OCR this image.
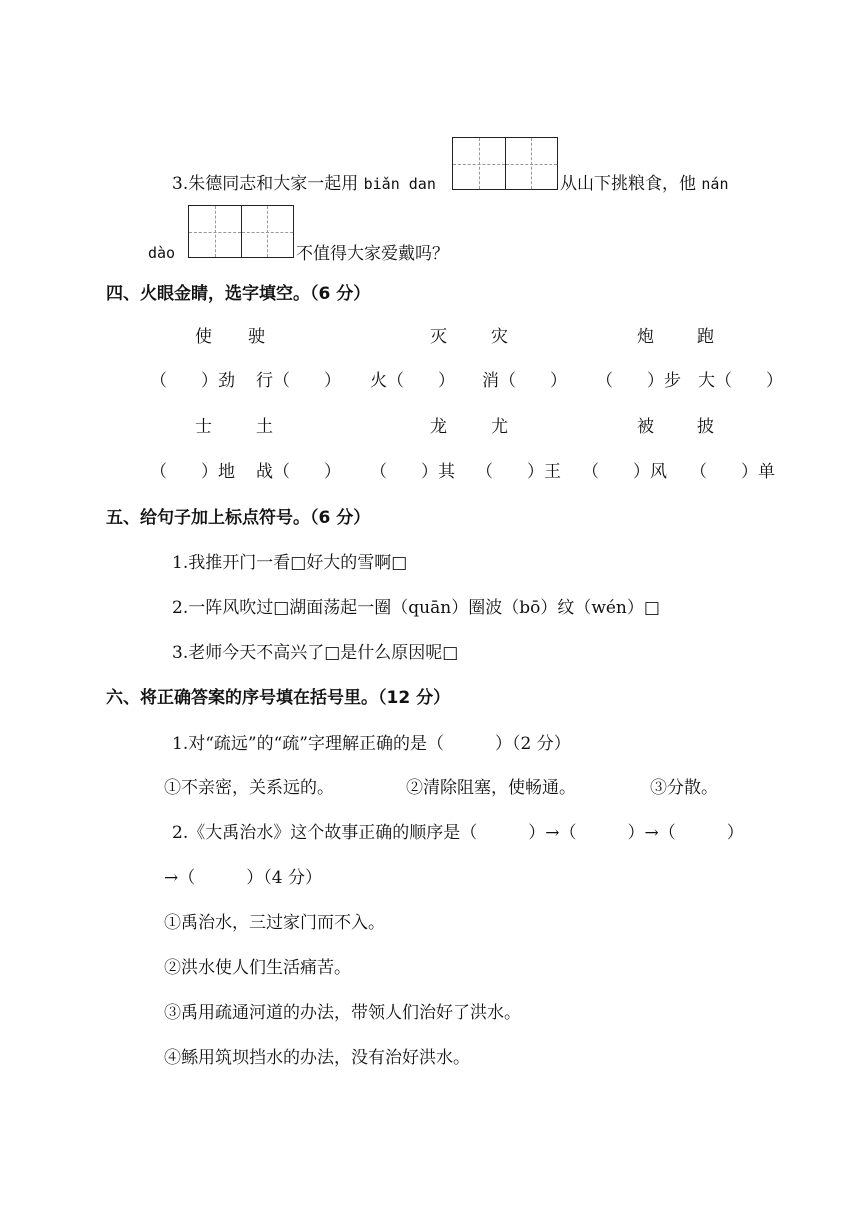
3.朱德同志和大家一起用 biǎn dan	从山下挑粮食，他 nán
dào	不值得大家爱戴吗？
四、火眼金睛，选字填空。（6 分）
使 驶	灭	灾	炮	跑
（　　）劲 行（　　） 火（　　） 消（　　） （　　）步 大（　　）
士	土	龙	尤	被	披
（　　）地 战（　　） （　　）其 （　　）王 （　　）风 （　　）单
五、给句子加上标点符号。（6 分）
1.我推开门一看□好大的雪啊□
2.一阵风吹过□湖面荡起一圈（quān）圈波（bō）纹（wén）□
3.老师今天不高兴了□是什么原因呢□
六、将正确答案的序号填在括号里。（12 分）
1.对“疏远”的“疏”字理解正确的是（　　　）（2 分）
①不亲密，关系远的。	②清除阻塞，使畅通。	③分散。
2.《大禹治水》这个故事正确的顺序是（　　　）→（　　　）→（　　　）
→（　　　）（4 分）
①禹治水，三过家门而不入。
②洪水使人们生活痛苦。
③禹用疏通河道的办法，带领人们治好了洪水。
④鲧用筑坝挡水的办法，没有治好洪水。
